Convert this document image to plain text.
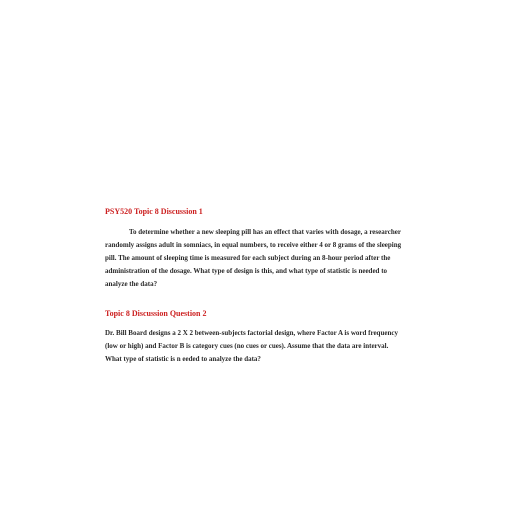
PSY520 Topic 8 Discussion 1
To determine whether a new sleeping pill has an effect that varies with dosage, a researcher randomly assigns adult in somniacs, in equal numbers, to receive either 4 or 8 grams of the sleeping pill. The amount of sleeping time is measured for each subject during an 8-hour period after the administration of the dosage. What type of design is this, and what type of statistic is needed to analyze the data?
Topic 8 Discussion Question 2
Dr. Bill Board designs a 2 X 2 between-subjects factorial design, where Factor A is word frequency (low or high) and Factor B is category cues (no cues or cues). Assume that the data are interval. What type of statistic is n eeded to analyze the data?
